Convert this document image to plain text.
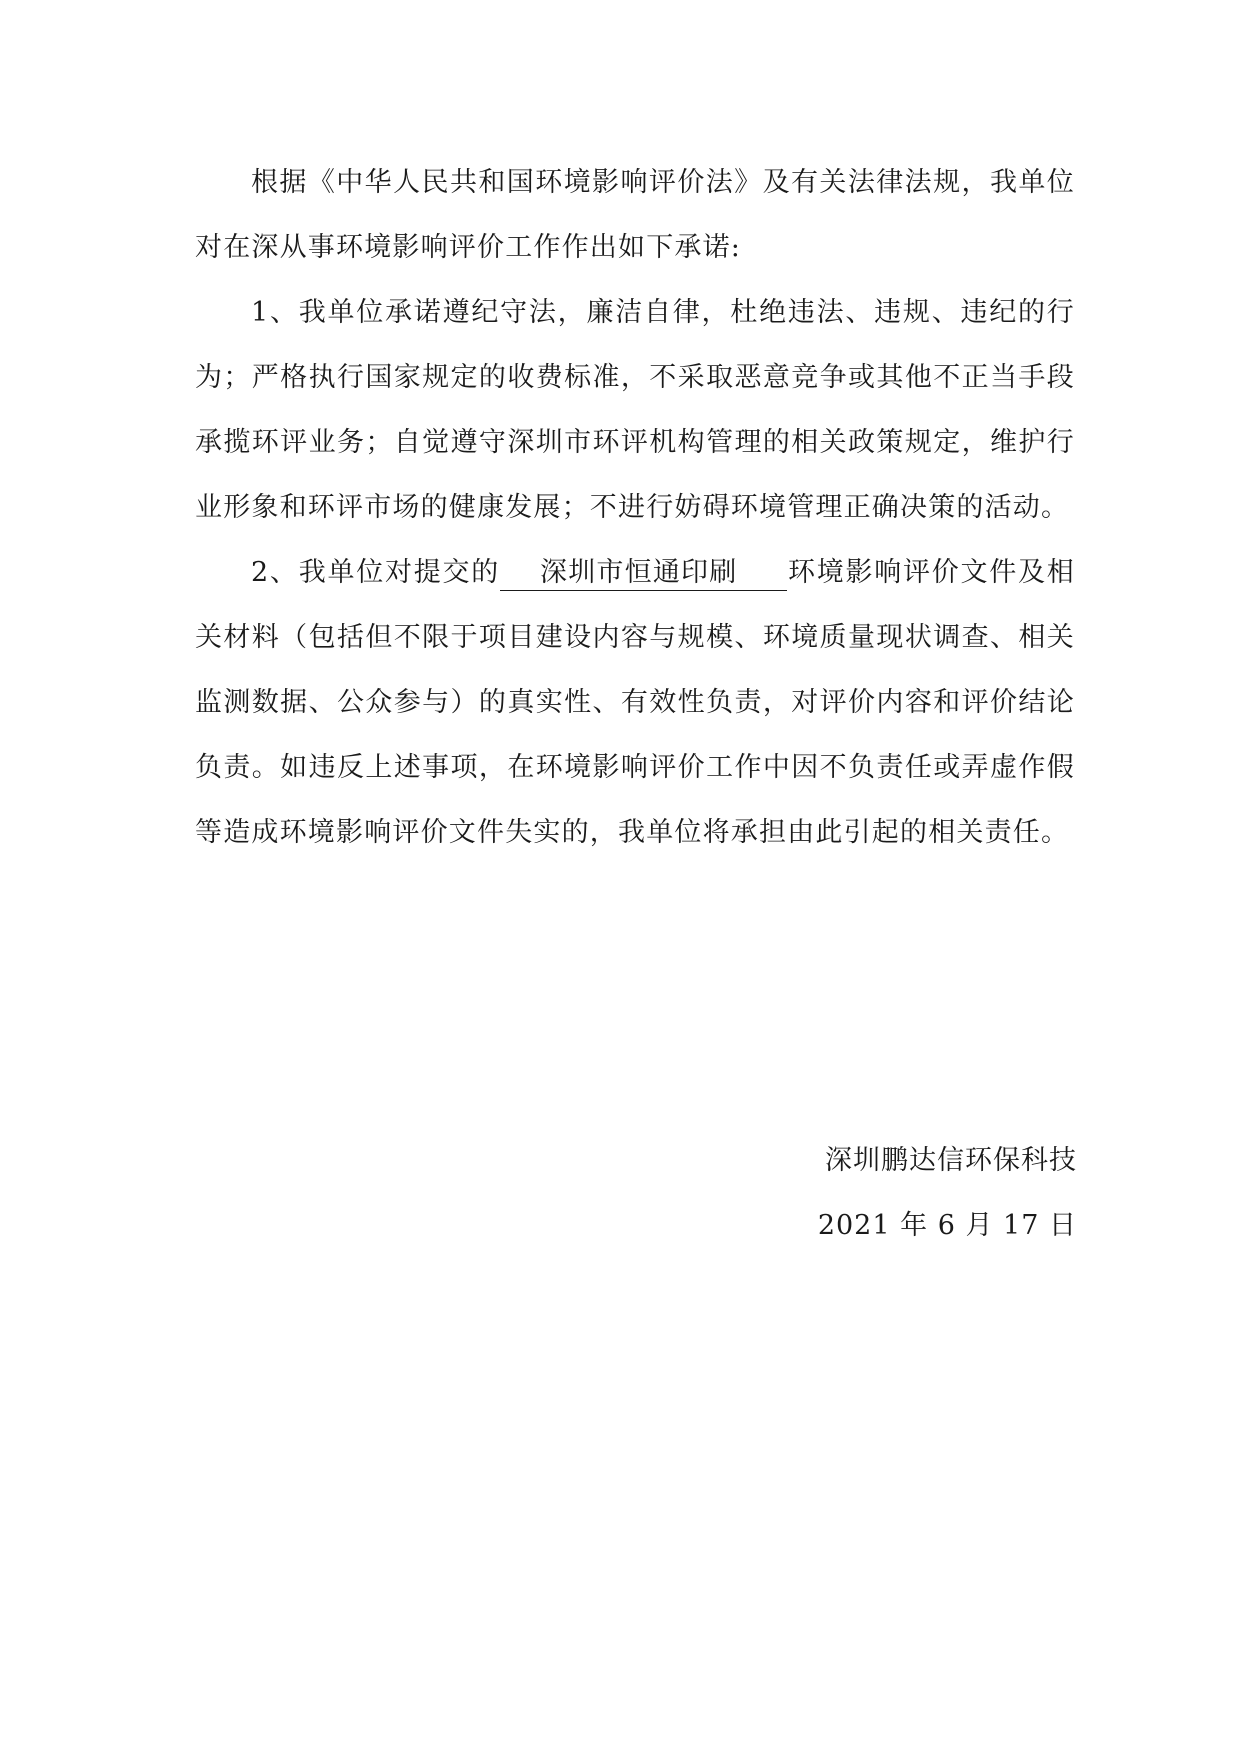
根据《中华人民共和国环境影响评价法》及有关法律法规，我单位对在深从事环境影响评价工作作出如下承诺:

1、我单位承诺遵纪守法，廉洁自律，杜绝违法、违规、违纪的行为；严格执行国家规定的收费标准，不采取恶意竞争或其他不正当手段承揽环评业务；自觉遵守深圳市环评机构管理的相关政策规定，维护行业形象和环评市场的健康发展；不进行妨碍环境管理正确决策的活动。

2、我单位对提交的 深圳市恒通印刷 环境影响评价文件及相关材料（包括但不限于项目建设内容与规模、环境质量现状调查、相关监测数据、公众参与）的真实性、有效性负责，对评价内容和评价结论负责。如违反上述事项，在环境影响评价工作中因不负责任或弄虚作假等造成环境影响评价文件失实的，我单位将承担由此引起的相关责任。

深圳鹏达信环保科技
2021 年 6 月 17 日
